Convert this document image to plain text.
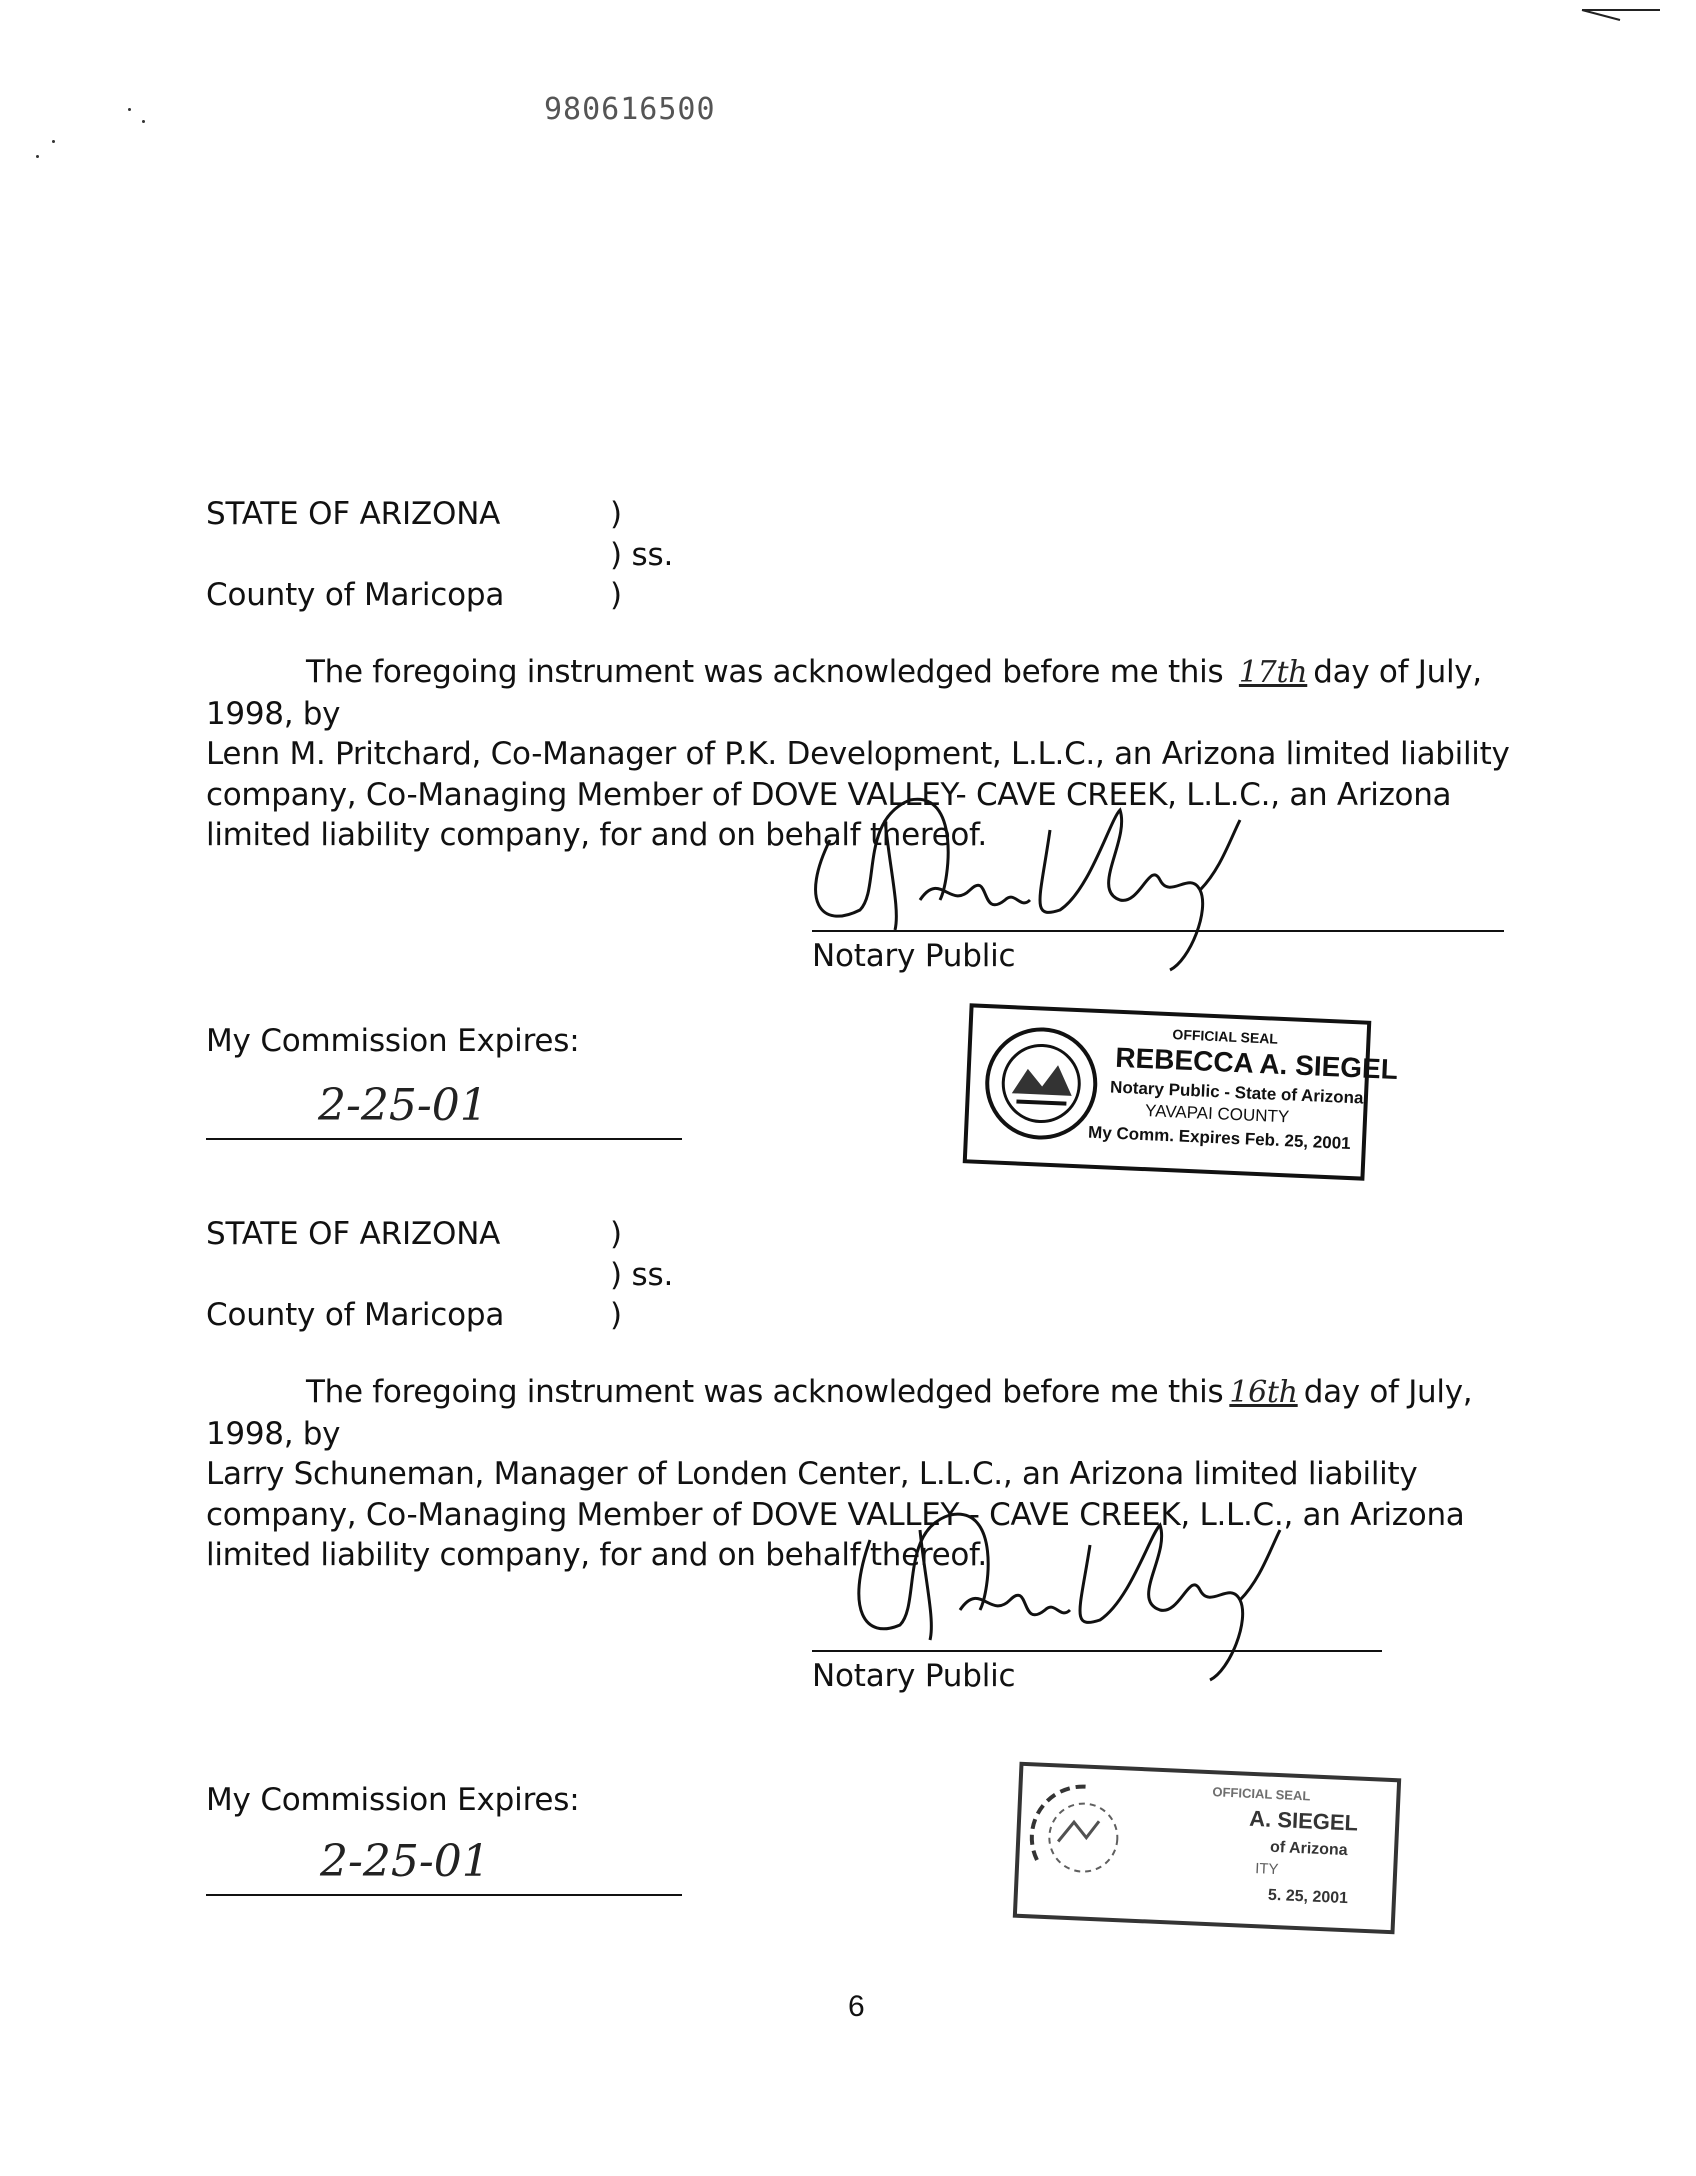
980616500
STATE OF ARIZONA	)
) ss.
County of Maricopa	)
The foregoing instrument was acknowledged before me this 17th day of July, 1998, by
Lenn M. Pritchard, Co-Manager of P.K. Development, L.L.C., an Arizona limited liability company, Co-Managing Member of DOVE VALLEY- CAVE CREEK, L.L.C., an Arizona limited liability company, for and on behalf thereof.
Notary Public
My Commission Expires:
2-25-01
OFFICIAL SEAL
REBECCA A. SIEGEL
Notary Public - State of Arizona
YAVAPAI COUNTY
My Comm. Expires Feb. 25, 2001
STATE OF ARIZONA	)
) ss.
County of Maricopa	)
The foregoing instrument was acknowledged before me this 16th day of July, 1998, by
Larry Schuneman, Manager of Londen Center, L.L.C., an Arizona limited liability company, Co-Managing Member of DOVE VALLEY - CAVE CREEK, L.L.C., an Arizona limited liability company, for and on behalf thereof.
Notary Public
My Commission Expires:
2-25-01
OFFICIAL SEAL
A. SIEGEL
of Arizona
ITY
5. 25, 2001
6
